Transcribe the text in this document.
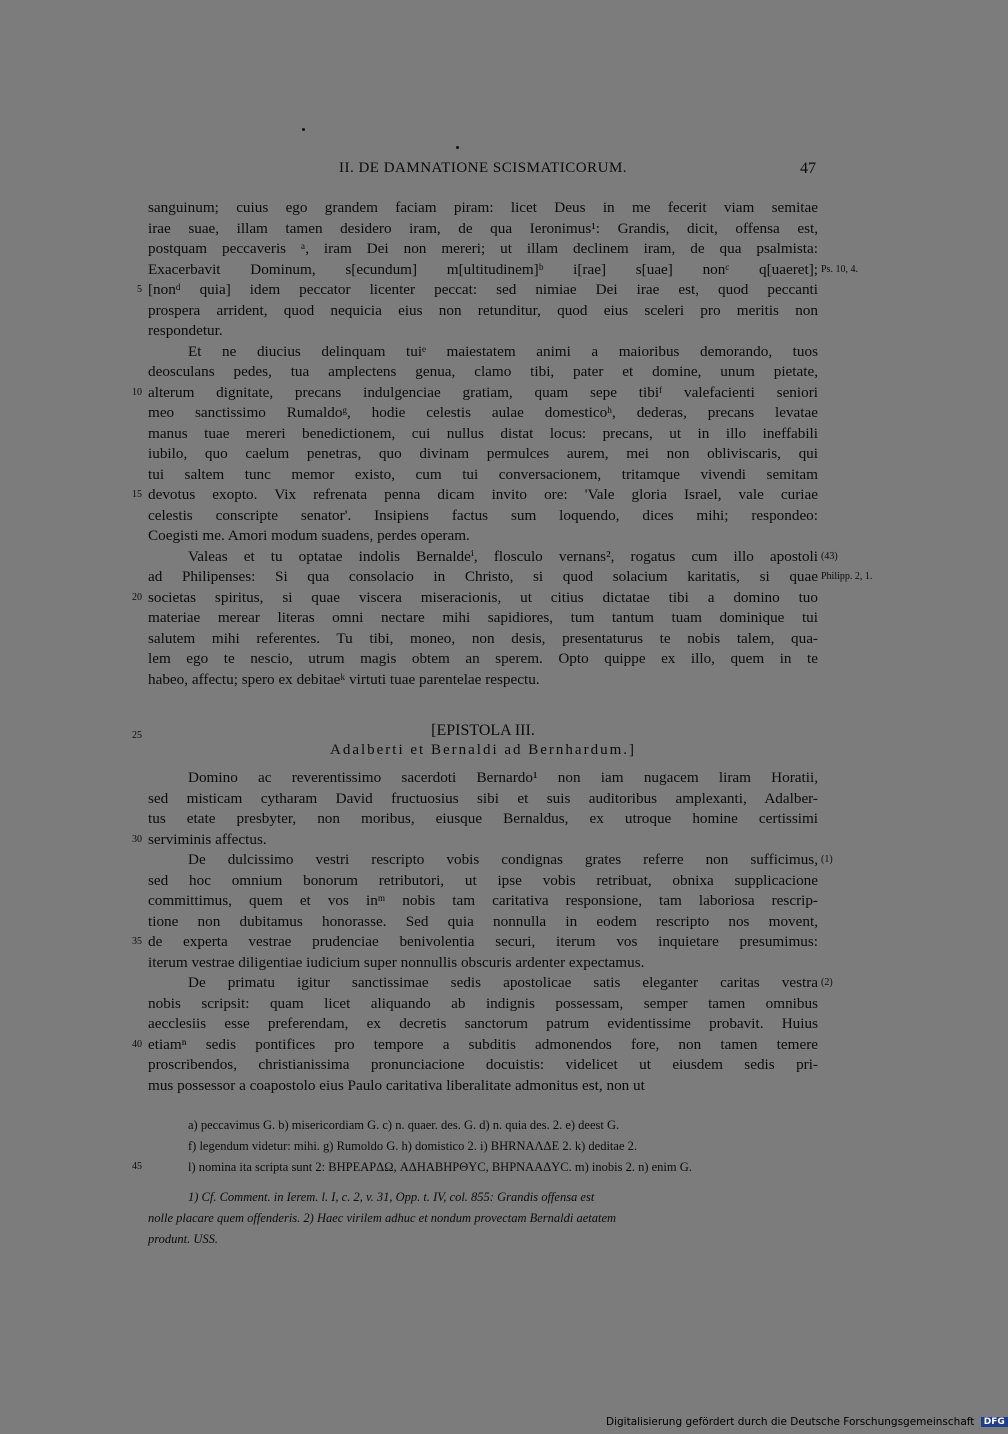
II. DE DAMNATIONE SCISMATICORUM.	47
sanguinum; cuius ego grandem faciam piram: licet Deus in me fecerit viam semitae
irae suae, illam tamen desidero iram, de qua Ieronimus¹: Grandis, dicit, offensa est,
postquam peccaveris ᵃ, iram Dei non mereri; ut illam declinem iram, de qua psalmista:
Exacerbavit Dominum, s[ecundum] m[ultitudinem]ᵇ i[rae] s[uae] nonᶜ q[uaeret]; Ps. 10, 4.
[nonᵈ quia] idem peccator licenter peccat: sed nimiae Dei irae est, quod peccanti
5
prospera arrident, quod nequicia eius non retunditur, quod eius sceleri pro meritis non
respondetur.
Et ne diucius delinquam tuiᵉ maiestatem animi a maioribus demorando, tuos
deosculans pedes, tua amplectens genua, clamo tibi, pater et domine, unum pietate,
alterum dignitate, precans indulgenciae gratiam, quam sepe tibiᶠ valefacienti seniori
10
meo sanctissimo Rumaldoᵍ, hodie celestis aulae domesticoʰ, dederas, precans levatae
manus tuae mereri benedictionem, cui nullus distat locus: precans, ut in illo ineffabili
iubilo, quo caelum penetras, quo divinam permulces aurem, mei non obliviscaris, qui
tui saltem tunc memor existo, cum tui conversacionem, tritamque vivendi semitam
devotus exopto. Vix refrenata penna dicam invito ore: 'Vale gloria Israel, vale curiae
15
celestis conscripte senator'. Insipiens factus sum loquendo, dices mihi; respondeo:
Coegisti me. Amori modum suadens, perdes operam.
Valeas et tu optatae indolis Bernaldeⁱ, flosculo vernans², rogatus cum illo apostoli (43)
ad Philipenses: Si qua consolacio in Christo, si quod solacium karitatis, si quae Philipp. 2, 1.
societas spiritus, si quae viscera miseracionis, ut citius dictatae tibi a domino tuo
20
materiae merear literas omni nectare mihi sapidiores, tum tantum tuam dominique tui
salutem mihi referentes. Tu tibi, moneo, non desis, presentaturus te nobis talem, qua-
lem ego te nescio, utrum magis obtem an sperem. Opto quippe ex illo, quem in te
habeo, affectu; spero ex debitaeᵏ virtuti tuae parentelae respectu.
25	[EPISTOLA III.
Adalberti et Bernaldi ad Bernhardum.]
Domino ac reverentissimo sacerdoti Bernardo¹ non iam nugacem liram Horatii,
sed misticam cytharam David fructuosius sibi et suis auditoribus amplexanti, Adalber-
tus etate presbyter, non moribus, eiusque Bernaldus, ex utroque homine certissimi
serviminis affectus.
30
De dulcissimo vestri rescripto vobis condignas grates referre non sufficimus, (1)
sed hoc omnium bonorum retributori, ut ipse vobis retribuat, obnixa supplicacione
committimus, quem et vos inᵐ nobis tam caritativa responsione, tam laboriosa rescrip-
tione non dubitamus honorasse. Sed quia nonnulla in eodem rescripto nos movent,
de experta vestrae prudenciae benivolentia securi, iterum vos inquietare presumimus:
35
iterum vestrae diligentiae iudicium super nonnullis obscuris ardenter expectamus.
De primatu igitur sanctissimae sedis apostolicae satis eleganter caritas vestra (2)
nobis scripsit: quam licet aliquando ab indignis possessam, semper tamen omnibus
aecclesiis esse preferendam, ex decretis sanctorum patrum evidentissime probavit. Huius
etiamⁿ sedis pontifices pro tempore a subditis admonendos fore, non tamen temere
40
proscribendos, christianissima pronunciacione docuistis: videlicet ut eiusdem sedis pri-
mus possessor a coapostolo eius Paulo caritativa liberalitate admonitus est, non ut
a) peccavimus G. b) misericordiam G. c) n. quaer. des. G. d) n. quia des. 2. e) deest G.
f) legendum videtur: mihi. g) Rumoldo G. h) domistico 2. i) BHRNAΛΔE 2. k) deditae 2.
l) nomina ita scripta sunt 2: BHPEAPΔΩ, AΔHABHPΘYC, BHPNAAΔYC. m) inobis 2. n) enim G.
45
1) Cf. Comment. in Ierem. l. I, c. 2, v. 31, Opp. t. IV, col. 855: Grandis offensa est
nolle placare quem offenderis. 2) Haec virilem adhuc et nondum provectam Bernaldi aetatem
produnt. USS.
Digitalisierung gefördert durch die Deutsche Forschungsgemeinschaft DFG
